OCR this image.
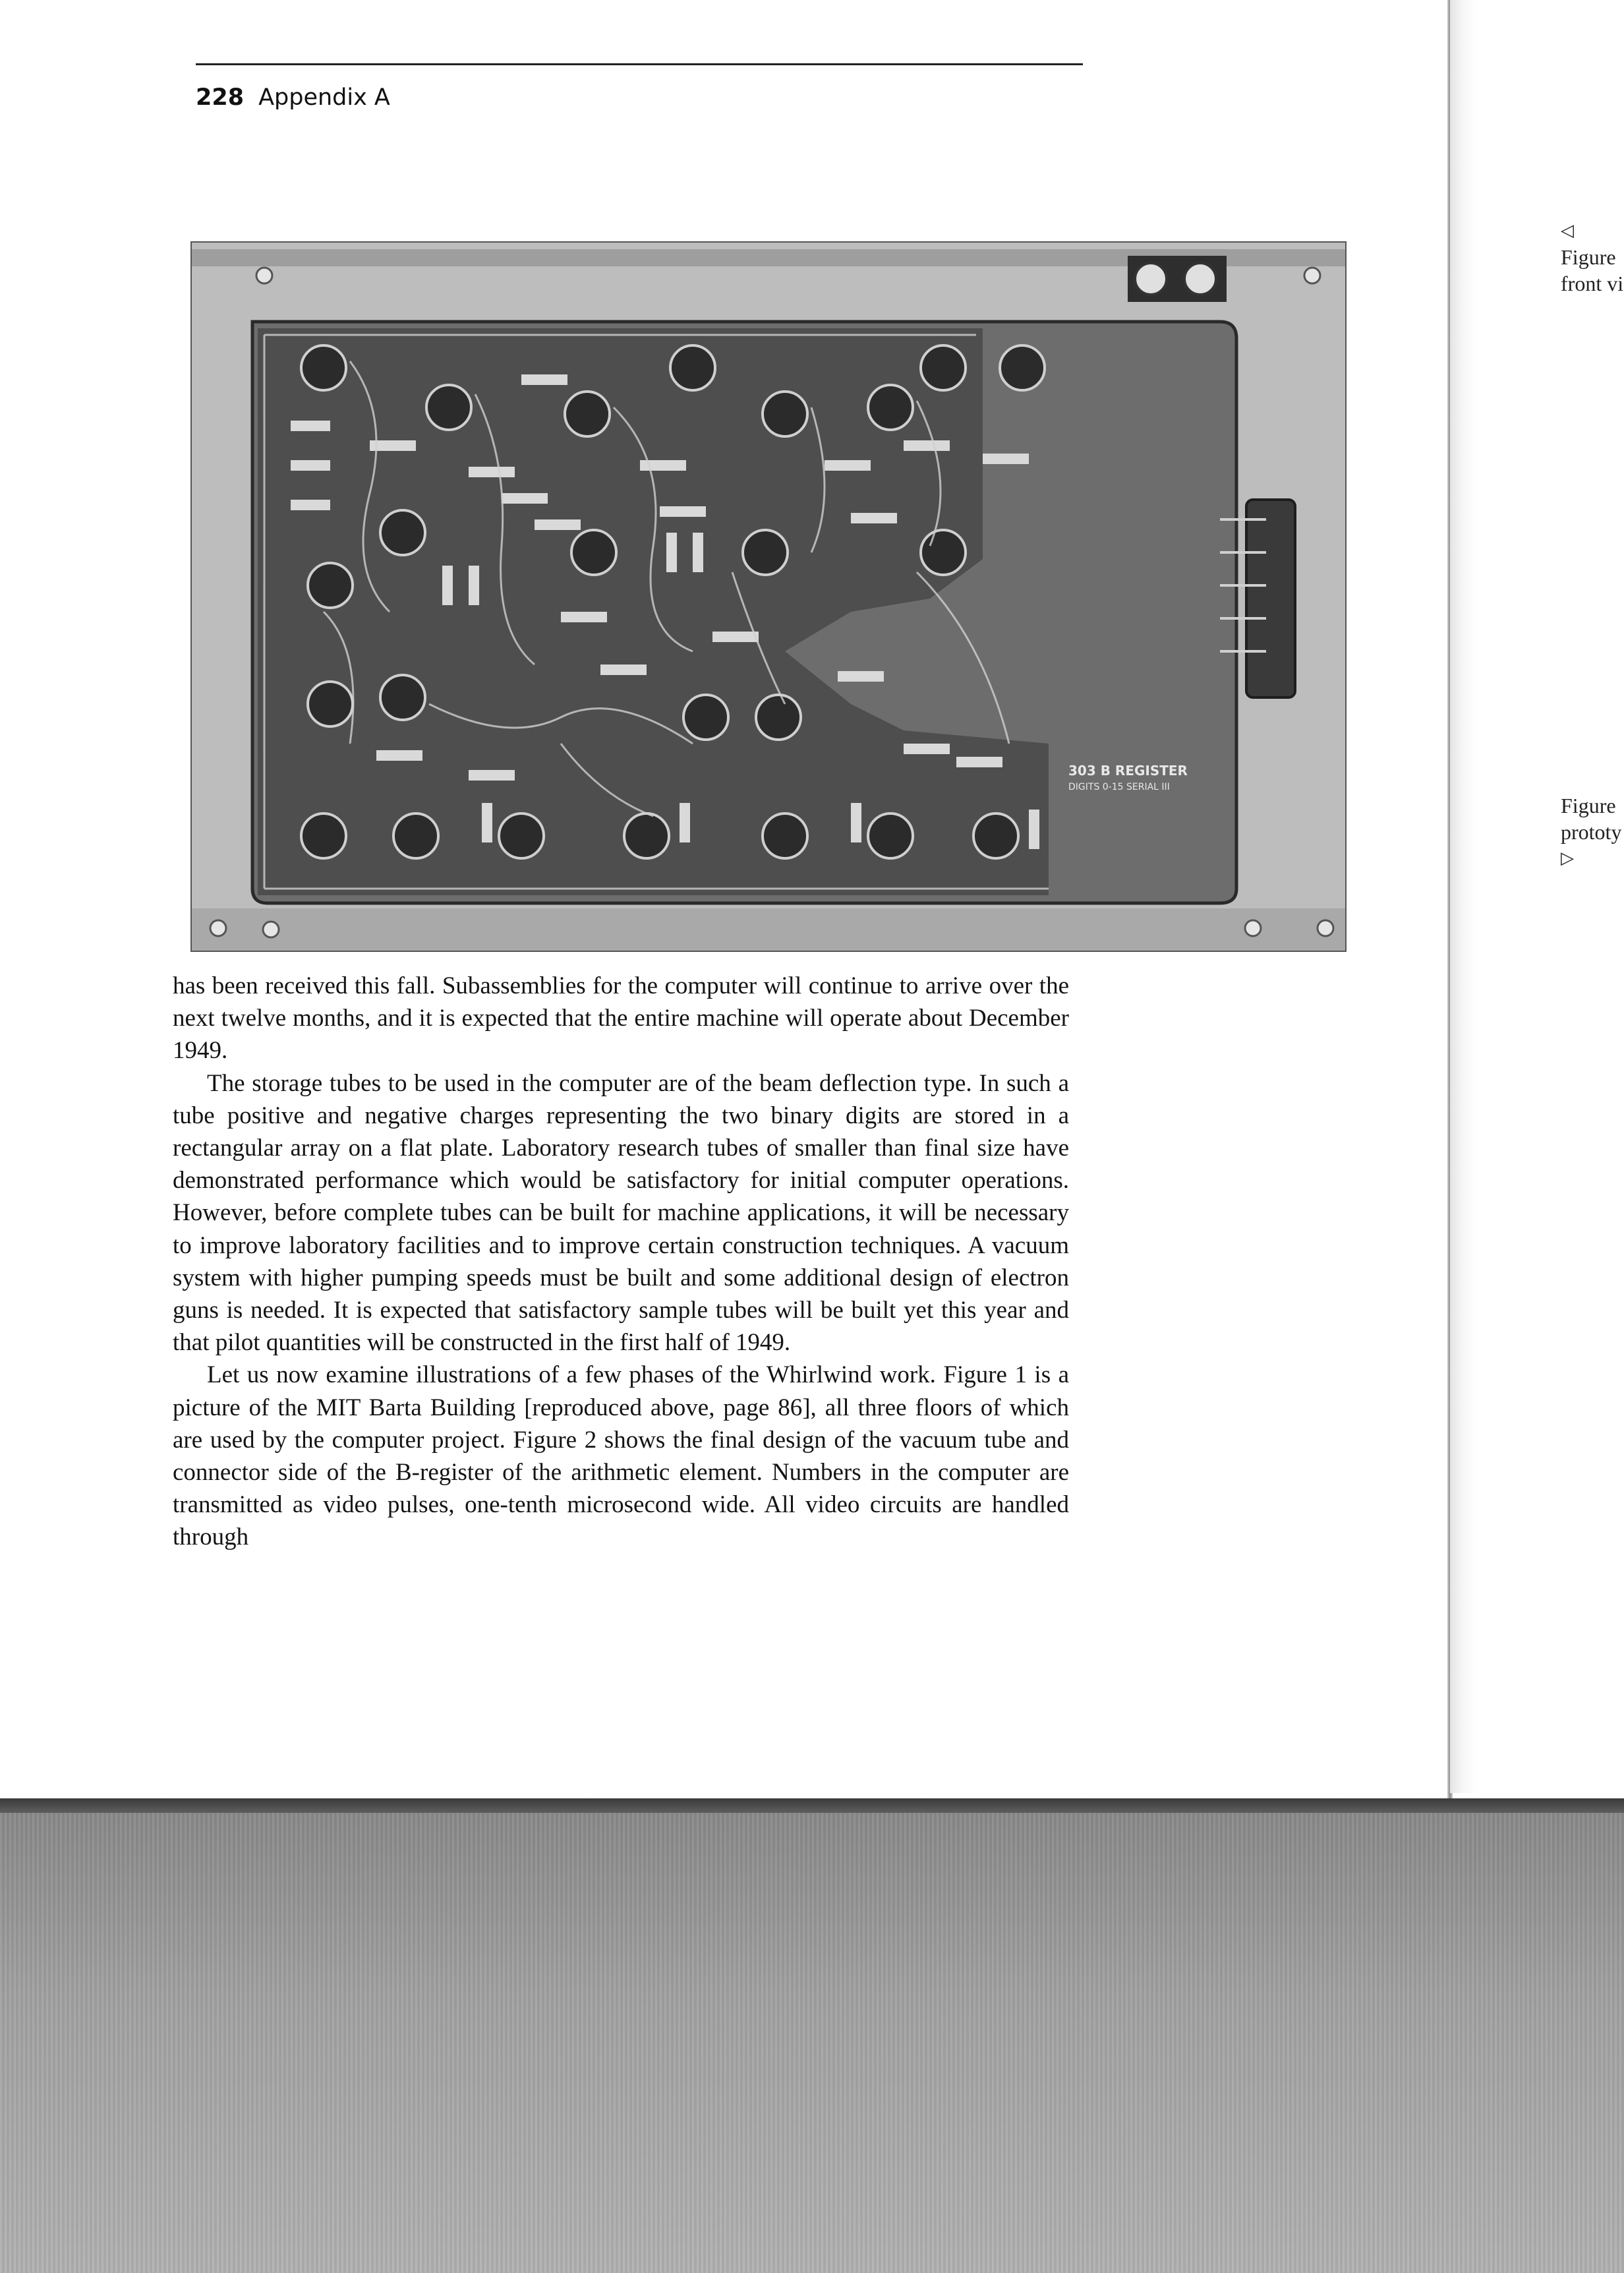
228 Appendix A
303 B REGISTER
DIGITS 0-15 SERIAL III

has been received this fall. Subassemblies for the computer will continue to arrive over the next twelve months, and it is expected that the entire machine will operate about December 1949.

The storage tubes to be used in the computer are of the beam deflection type. In such a tube positive and negative charges representing the two binary digits are stored in a rectangular array on a flat plate. Laboratory research tubes of smaller than final size have demonstrated performance which would be satisfactory for initial computer operations. However, before complete tubes can be built for machine applications, it will be necessary to improve laboratory facilities and to improve certain construction techniques. A vacuum system with higher pumping speeds must be built and some additional design of electron guns is needed. It is expected that satisfactory sample tubes will be built yet this year and that pilot quantities will be constructed in the first half of 1949.

Let us now examine illustrations of a few phases of the Whirlwind work. Figure 1 is a picture of the MIT Barta Building [reproduced above, page 86], all three floors of which are used by the computer project. Figure 2 shows the final design of the vacuum tube and connector side of the B-register of the arithmetic element. Numbers in the computer are transmitted as video pulses, one-tenth microsecond wide. All video circuits are handled through

◁
Figure
front vi
Figure
prototy
▷
